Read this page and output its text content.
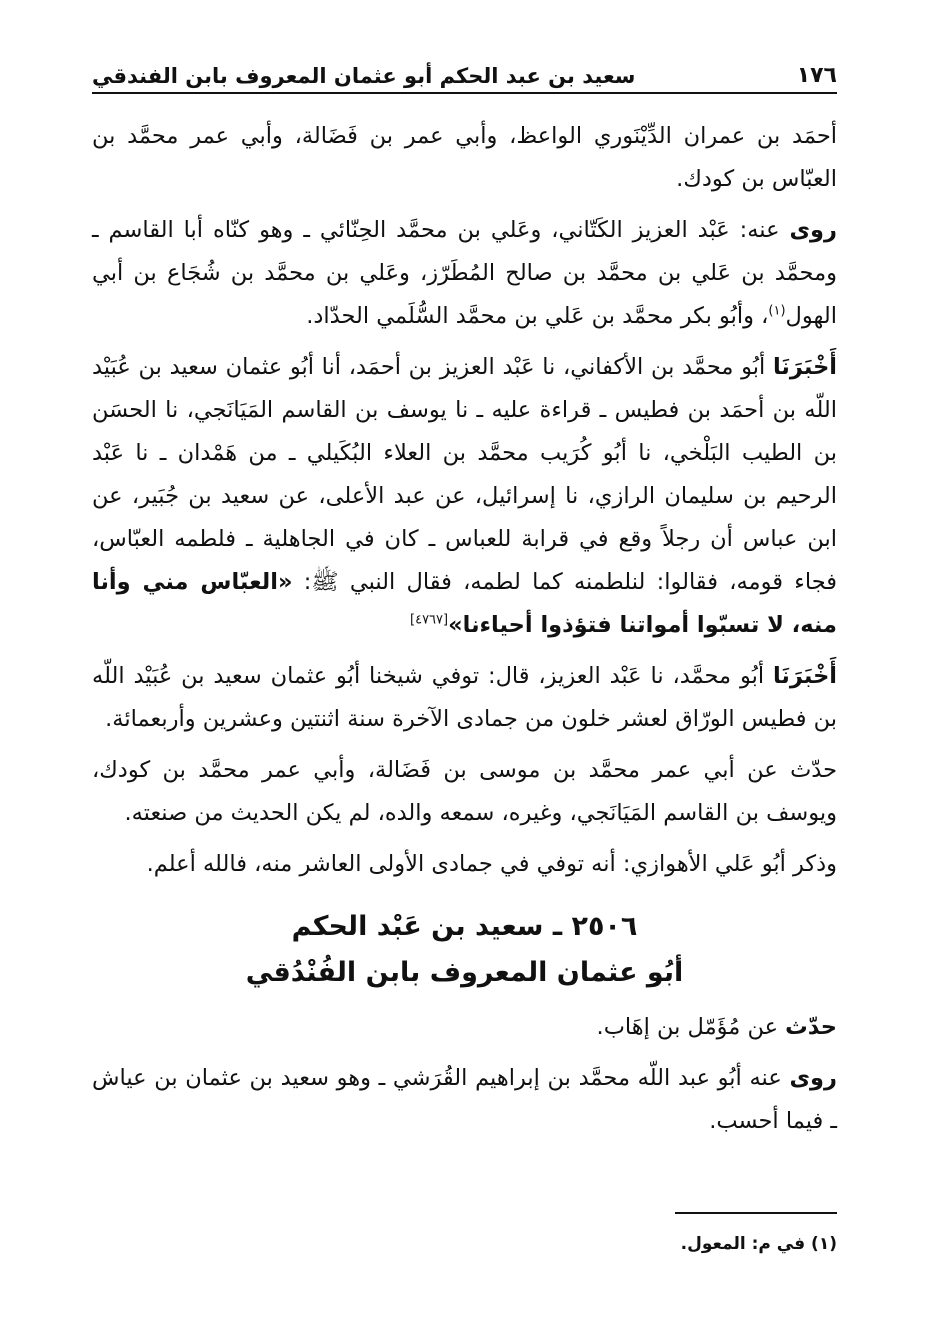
١٧٦
سعيد بن عبد الحكم أبو عثمان المعروف بابن الفندقي

أحمَد بن عمران الدِّيْنَوري الواعظ، وأبي عمر بن فَضَالة، وأبي عمر محمَّد بن العبّاس بن كودك.

روى عنه: عَبْد العزيز الكَتّاني، وعَلي بن محمَّد الحِنّائي ـ وهو كنّاه أبا القاسم ـ ومحمَّد بن عَلي بن محمَّد بن صالح المُطَرّز، وعَلي بن محمَّد بن شُجَاع بن أبي الهول$^{(١)}$، وأبُو بكر محمَّد بن عَلي بن محمَّد السُّلَمي الحدّاد.

أَخْبَرَنَا أبُو محمَّد بن الأكفاني، نا عَبْد العزيز بن أحمَد، أنا أبُو عثمان سعيد بن عُبَيْد اللّه بن أحمَد بن فطيس ـ قراءة عليه ـ نا يوسف بن القاسم المَيَانَجي، نا الحسَن بن الطيب البَلْخي، نا أبُو كُرَيب محمَّد بن العلاء البُكَيلي ـ من هَمْدان ـ نا عَبْد الرحيم بن سليمان الرازي، نا إسرائيل، عن عبد الأعلى، عن سعيد بن جُبَير، عن ابن عباس أن رجلاً وقع في قرابة للعباس ـ كان في الجاهلية ـ فلطمه العبّاس، فجاء قومه، فقالوا: لنلطمنه كما لطمه، فقال النبي ﷺ: «العبّاس مني وأنا منه، لا تسبّوا أمواتنا فتؤذوا أحياءنا»[٤٧٦٧]

أَخْبَرَنَا أبُو محمَّد، نا عَبْد العزيز، قال: توفي شيخنا أبُو عثمان سعيد بن عُبَيْد اللّه بن فطيس الورّاق لعشر خلون من جمادى الآخرة سنة اثنتين وعشرين وأربعمائة.

حدّث عن أبي عمر محمَّد بن موسى بن فَضَالة، وأبي عمر محمَّد بن كودك، ويوسف بن القاسم المَيَانَجي، وغيره، سمعه والده، لم يكن الحديث من صنعته.

وذكر أبُو عَلي الأهوازي: أنه توفي في جمادى الأولى العاشر منه، فالله أعلم.

٢٥٠٦ ـ سعيد بن عَبْد الحكم
أبُو عثمان المعروف بابن الفُنْدُقي

حدّث عن مُؤَمّل بن إهَاب.

روى عنه أبُو عبد اللّه محمَّد بن إبراهيم القُرَشي ـ وهو سعيد بن عثمان بن عياش ـ فيما أحسب.

(١) في م: المعول.
